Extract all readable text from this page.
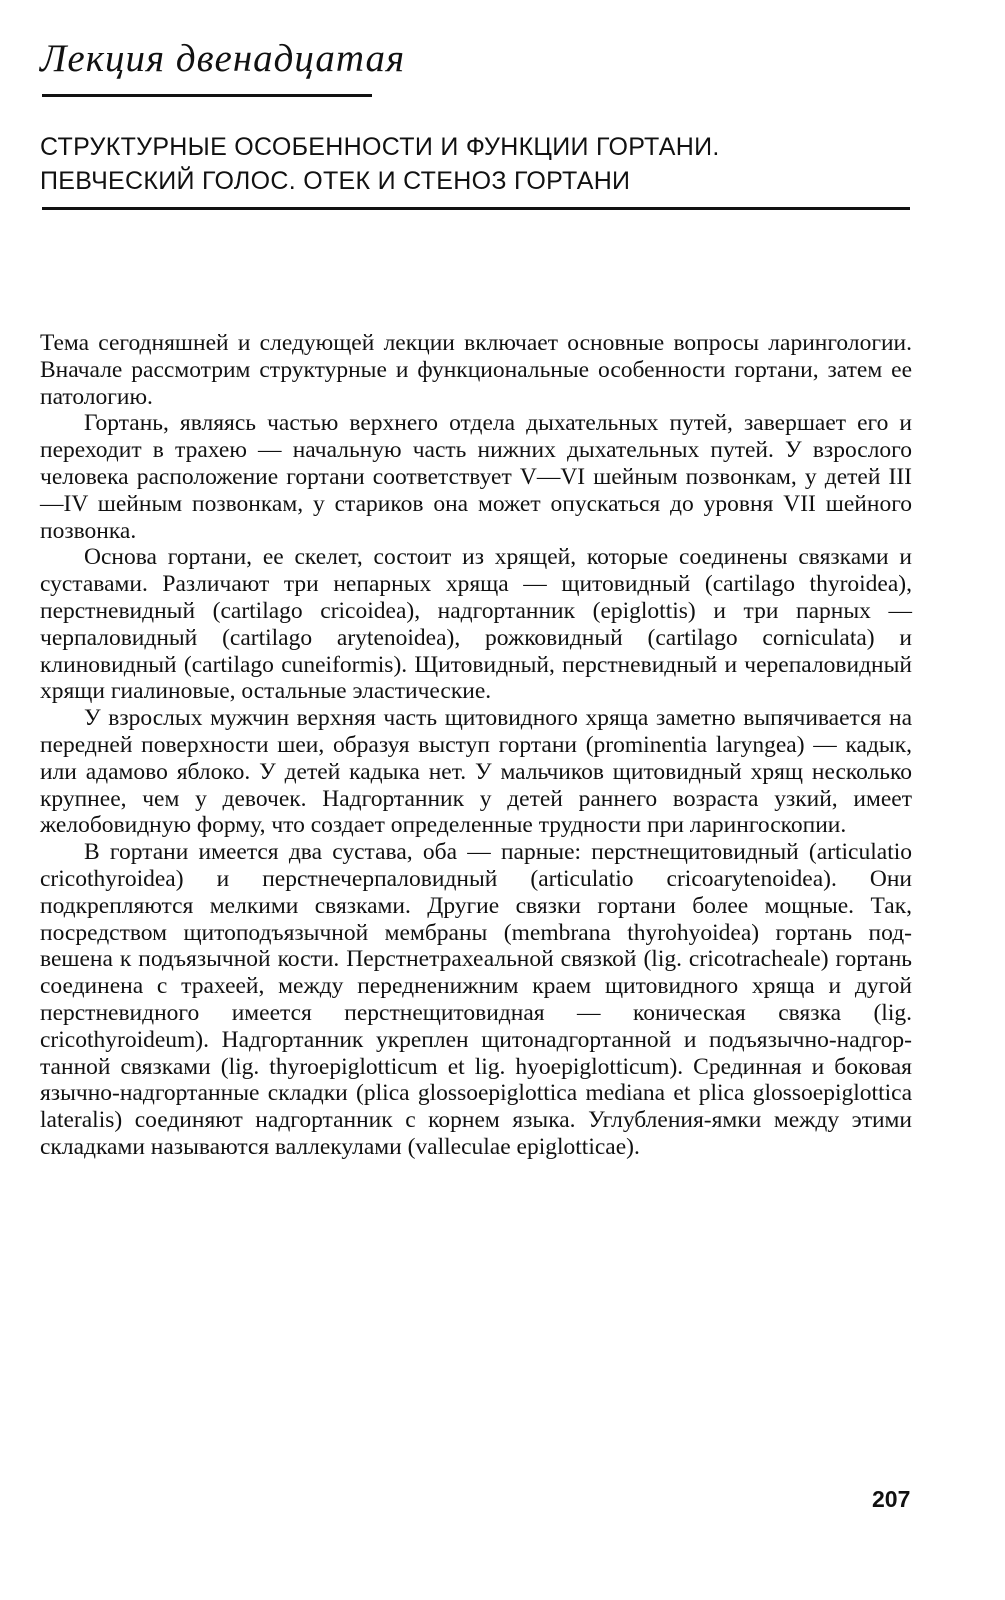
Лекция двенадцатая
СТРУКТУРНЫЕ ОСОБЕННОСТИ И ФУНКЦИИ ГОРТАНИ.
ПЕВЧЕСКИЙ ГОЛОС. ОТЕК И СТЕНОЗ ГОРТАНИ

Тема сегодняшней и следующей лекции включает основные вопросы ларингологии. Вначале рассмотрим структурные и функциональные особенности гортани, затем ее патологию.

Гортань, являясь частью верхнего отдела дыхательных путей, завершает его и переходит в трахею — начальную часть нижних дыхательных путей. У взрослого человека расположение гортани соответствует V—VI шейным позвонкам, у детей III—IV шейным позвонкам, у стариков она может опускаться до уровня VII шейного позвонка.

Основа гортани, ее скелет, состоит из хрящей, которые соединены связками и суставами. Различают три непарных хряща — щитовидный (cartilago thyroidea), перстневидный (cartilago cricoidea), надгортанник (epiglottis) и три парных — черпаловидный (cartilago arytenoidea), рожковидный (cartilago corniculata) и клиновидный (cartilago cuneiformis). Щитовидный, перстневидный и черепаловидный хрящи гиалиновые, остальные эластические.

У взрослых мужчин верхняя часть щитовидного хряща заметно выпячивается на передней поверхности шеи, образуя выступ гортани (prominentia laryngea) — кадык, или адамово яблоко. У детей кадыка нет. У мальчиков щитовидный хрящ несколько крупнее, чем у девочек. Надгортанник у детей раннего возраста узкий, имеет желобовидную форму, что создает определенные трудности при ларингоскопии.

В гортани имеется два сустава, оба — парные: перстнещитовидный (articulatio cricothyroidea) и перстнечерпаловидный (articulatio cricoarytenoidea). Они подкрепляются мелкими связками. Другие связки гортани более мощные. Так, посредством щитоподъязычной мембраны (membrana thyrohyoidea) гортань подвешена к подъязычной кости. Перстнетрахеальной связкой (lig. cricotracheale) гортань соединена с трахеей, между передненижним краем щитовидного хряща и дугой перстневидного имеется перстнещитовидная — коническая связка (lig. cricothyroideum). Надгортанник укреплен щитонадгортанной и подъязычно-надгортанной связками (lig. thyroepiglotticum et lig. hyoepiglotticum). Срединная и боковая язычно-надгортанные складки (plica glossoepiglottica mediana et plica glossoepiglottica lateralis) соединяют надгортанник с корнем языка. Углубления-ямки между этими складками называются валлекулами (valleculae epiglotticae).

207
